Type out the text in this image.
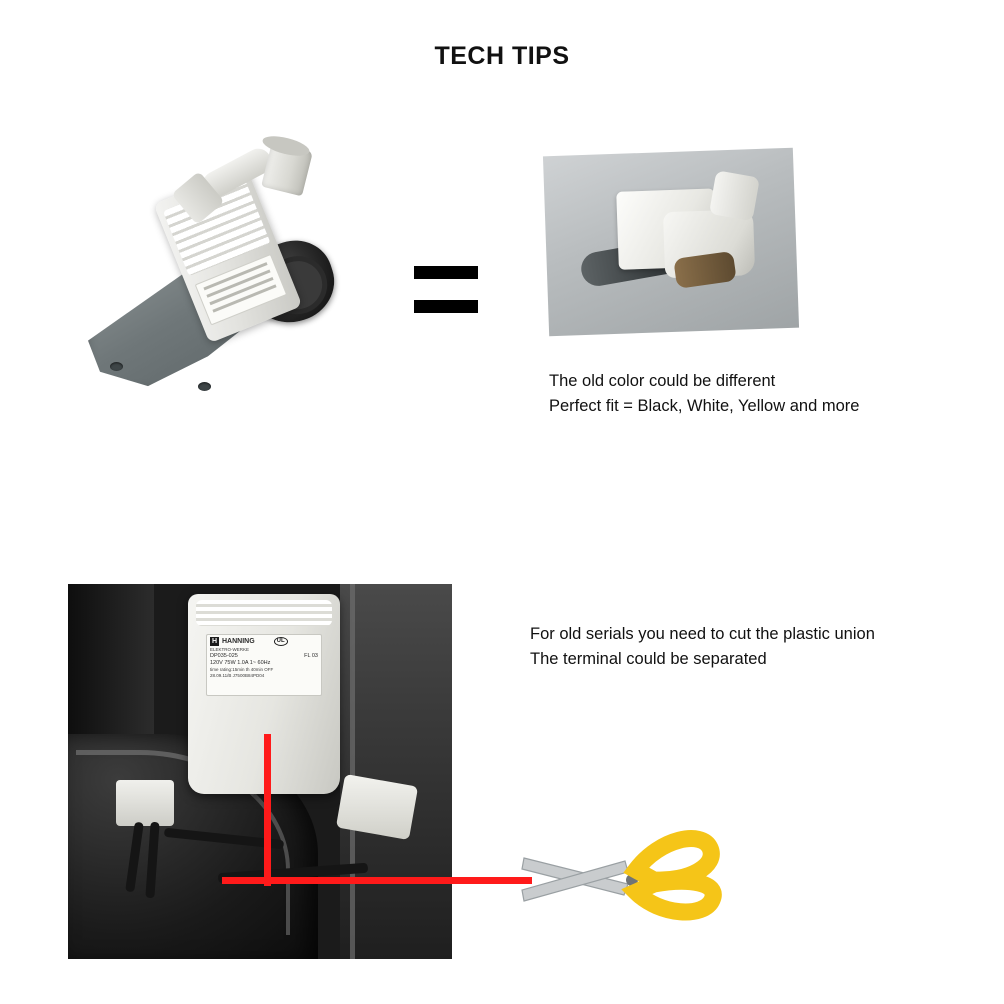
TECH TIPS
The old color could be different
Perfect fit = Black, White, Yellow and more
H HANNING	UL
ELEKTRO-WERKE
DP035-025	FL 03
120V 75W 1.0A 1~ 60Hz
time rating:15min th 40min OFF
28.09.11/B J7500B84PD04
For old serials you need to cut the plastic union
The terminal could be separated
